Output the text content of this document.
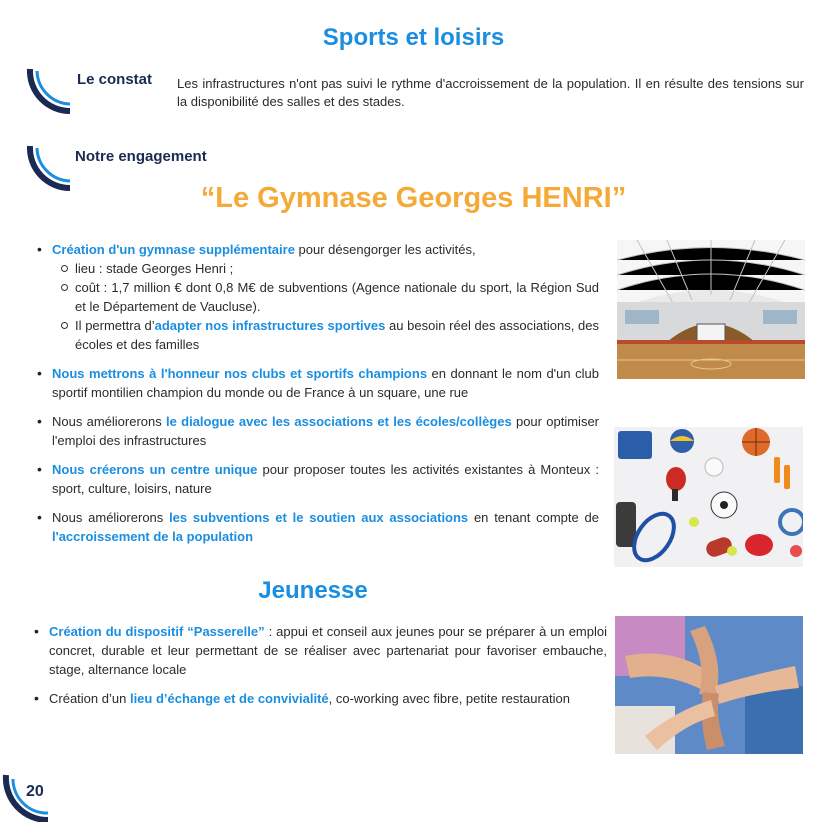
Sports et loisirs
Le constat Les infrastructures n'ont pas suivi le rythme d'accroissement de la population. Il en résulte des tensions sur la disponibilité des salles et des stades.
Notre engagement
“Le Gymnase Georges HENRI”
• Création d'un gymnase supplémentaire pour désengorger les activités,
lieu : stade Georges Henri ;
coût : 1,7 million € dont 0,8 M€ de subventions (Agence nationale du sport, la Région Sud et le Département de Vaucluse).
Il permettra d’adapter nos infrastructures sportives au besoin réel des associations, des écoles et des familles
• Nous mettrons à l'honneur nos clubs et sportifs champions en donnant le nom d'un club sportif montilien champion du monde ou de France à un square, une rue
• Nous améliorerons le dialogue avec les associations et les écoles/collèges pour optimiser l'emploi des infrastructures
• Nous créerons un centre unique pour proposer toutes les activités existantes à Monteux : sport, culture, loisirs, nature
• Nous améliorerons les subventions et le soutien aux associations en tenant compte de l'accroissement de la population
Jeunesse
• Création du dispositif “Passerelle” : appui et conseil aux jeunes pour se préparer à un emploi concret, durable et leur permettant de se réaliser avec partenariat pour favoriser embauche, stage, alternance locale
• Création d’un lieu d’échange et de convivialité, co-working avec fibre, petite restauration
20
